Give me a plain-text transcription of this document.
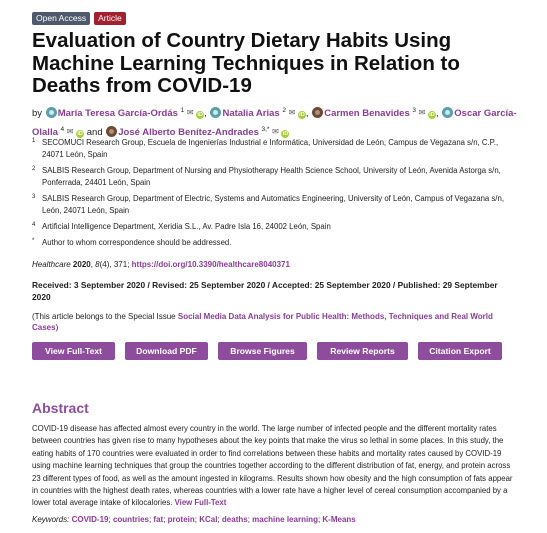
Open Access	Article
Evaluation of Country Dietary Habits Using Machine Learning Techniques in Relation to Deaths from COVID-19
by María Teresa García-Ordás $^1$ ✉ iD, Natalia Arias $^2$ ✉ iD, Carmen Benavides $^3$ ✉ iD, Oscar García-Olalla $^4$ ✉ iD and José Alberto Benítez-Andrades $^{3,*}$ ✉ iD
1 SECOMUCI Research Group, Escuela de Ingenierías Industrial e Informática, Universidad de León, Campus de Vegazana s/n, C.P., 24071 León, Spain
2 SALBIS Research Group, Department of Nursing and Physiotherapy Health Science School, University of León, Avenida Astorga s/n, Ponferrada, 24401 León, Spain
3 SALBIS Research Group, Department of Electric, Systems and Automatics Engineering, University of León, Campus of Vegazana s/n, León, 24071 León, Spain
4 Artificial Intelligence Department, Xeridia S.L., Av. Padre Isla 16, 24002 León, Spain
* Author to whom correspondence should be addressed.
Healthcare 2020, 8(4), 371; https://doi.org/10.3390/healthcare8040371
Received: 3 September 2020 / Revised: 25 September 2020 / Accepted: 25 September 2020 / Published: 29 September 2020
(This article belongs to the Special Issue Social Media Data Analysis for Public Health: Methods, Techniques and Real World Cases)
View Full-Text	Download PDF	Browse Figures	Review Reports	Citation Export
Abstract

COVID-19 disease has affected almost every country in the world. The large number of infected people and the different mortality rates between countries has given rise to many hypotheses about the key points that make the virus so lethal in some places. In this study, the eating habits of 170 countries were evaluated in order to find correlations between these habits and mortality rates caused by COVID-19 using machine learning techniques that group the countries together according to the different distribution of fat, energy, and protein across 23 different types of food, as well as the amount ingested in kilograms. Results shown how obesity and the high consumption of fats appear in countries with the highest death rates, whereas countries with a lower rate have a higher level of cereal consumption accompanied by a lower total average intake of kilocalories. View Full-Text

Keywords: COVID-19; countries; fat; protein; KCal; deaths; machine learning; K-Means
